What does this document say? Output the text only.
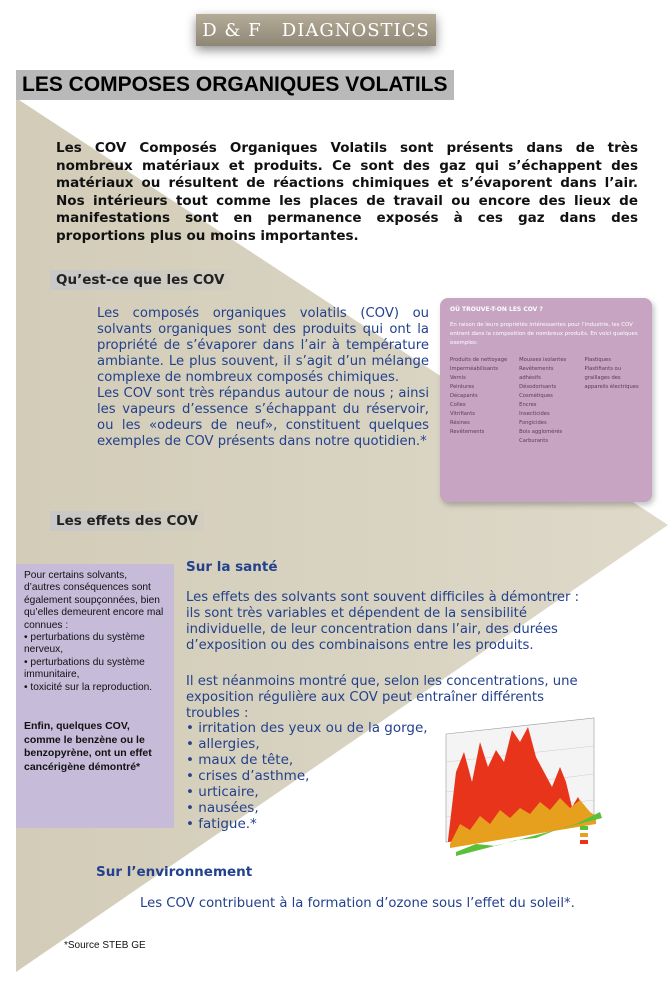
D & F   DIAGNOSTICS
LES COMPOSES ORGANIQUES VOLATILS

Les COV Composés Organiques Volatils sont présents dans de très nombreux matériaux et produits. Ce sont des gaz qui s’échappent des matériaux ou résultent de réactions chimiques et s’évaporent dans l’air. Nos intérieurs tout comme les places de travail ou encore des lieux de manifestations sont en permanence exposés à ces gaz dans des proportions plus ou moins importantes.

Qu’est-ce que les COV

Les composés organiques volatils (COV) ou solvants organiques sont des produits qui ont la propriété de s’évaporer dans l’air à température ambiante. Le plus souvent, il s’agit d’un mélange complexe de nombreux composés chimiques.

Les COV sont très répandus autour de nous ; ainsi les vapeurs d’essence s’échappant du réservoir, ou les «odeurs de neuf», constituent quelques exemples de COV présents dans notre quotidien.*

OÙ TROUVE-T-ON LES COV ?
En raison de leurs propriétés intéressantes pour l’industrie, les COV entrent dans la composition de nombreux produits. En voici quelques exemples:
Produits de nettoyage
Imperméabilisants
Vernis
Peintures
Décapants
Colles
Vitrifiants
Résines
Revêtements
Mousses isolantes
Revêtements
adhésifs
Désodorisants
Cosmétiques
Encres
Insecticides
Fongicides
Bois agglomérés
Carburants
Plastiques
Plastifiants ou
graillages des
appareils électriques
Les effets des COV

Pour certains solvants, d’autres conséquences sont également soupçonnées, bien qu’elles demeurent encore mal connues :

• perturbations du système nerveux,

• perturbations du système immunitaire,

• toxicité sur la reproduction.

Enfin, quelques COV, comme le benzène ou le benzopyrène, ont un effet cancérigène démontré*

Sur la santé

Les effets des solvants sont souvent difficiles à démontrer : ils sont très variables et dépendent de la sensibilité individuelle, de leur concentration dans l’air, des durées d’exposition ou des combinaisons entre les produits.

Il est néanmoins montré que, selon les concentrations, une exposition régulière aux COV peut entraîner différents troubles :

• irritation des yeux ou de la gorge,
• allergies,
• maux de tête,
• crises d’asthme,
• urticaire,
• nausées,
• fatigue.*
Sur l’environnement

Les COV contribuent à la formation d’ozone sous l’effet du soleil*.

*Source STEB GE
